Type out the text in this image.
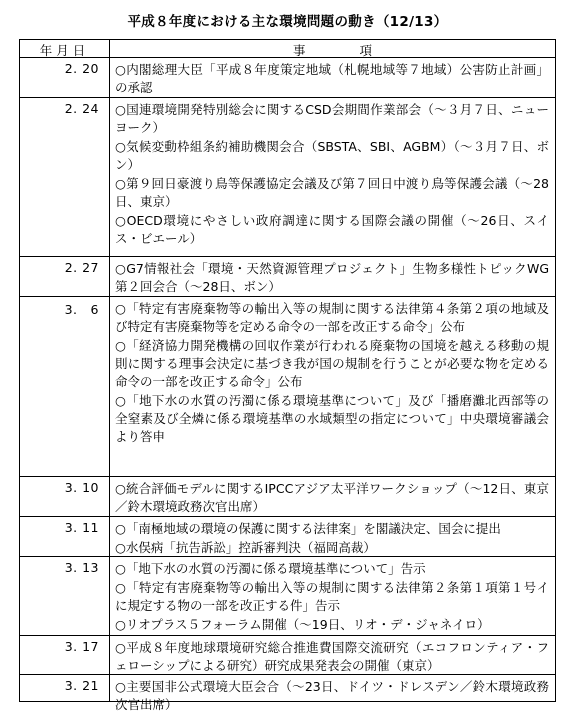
平成８年度における主な環境問題の動き（12/13）
年月日	事	項
2. 20 ○内閣総理大臣「平成８年度策定地域（札幌地域等７地域）公害防止計画」の承認
2. 24 ○国連環境開発特別総会に関するCSD会期間作業部会（～３月７日、ニューヨーク）
○気候変動枠組条約補助機関会合（SBSTA、SBI、AGBM）（～３月７日、ボン）
○第９回日豪渡り鳥等保護協定会議及び第７回日中渡り鳥等保護会議（～28日、東京）
○OECD環境にやさしい政府調達に関する国際会議の開催（～26日、スイス・ビエール）
2. 27 ○G7情報社会「環境・天然資源管理プロジェクト」生物多様性トピックWG第２回会合（～28日、ボン）
3.　6 ○「特定有害廃棄物等の輸出入等の規制に関する法律第４条第２項の地域及び特定有害廃棄物等を定める命令の一部を改正する命令」公布
○「経済協力開発機構の回収作業が行われる廃棄物の国境を越える移動の規則に関する理事会決定に基づき我が国の規制を行うことが必要な物を定める命令の一部を改正する命令」公布
○「地下水の水質の汚濁に係る環境基準について」及び「播磨灘北西部等の全窒素及び全燐に係る環境基準の水域類型の指定について」中央環境審議会より答申
3. 10 ○統合評価モデルに関するIPCCアジア太平洋ワークショップ（～12日、東京／鈴木環境政務次官出席）
3. 11 ○「南極地域の環境の保護に関する法律案」を閣議決定、国会に提出
○水俣病「抗告訴訟」控訴審判決（福岡高裁）
3. 13 ○「地下水の水質の汚濁に係る環境基準について」告示
○「特定有害廃棄物等の輸出入等の規制に関する法律第２条第１項第１号イに規定する物の一部を改正する件」告示
○リオプラス５フォーラム開催（～19日、リオ・デ・ジャネイロ）
3. 17 ○平成８年度地球環境研究総合推進費国際交流研究（エコフロンティア・フェローシップによる研究）研究成果発表会の開催（東京）
3. 21 ○主要国非公式環境大臣会合（～23日、ドイツ・ドレスデン／鈴木環境政務次官出席）
